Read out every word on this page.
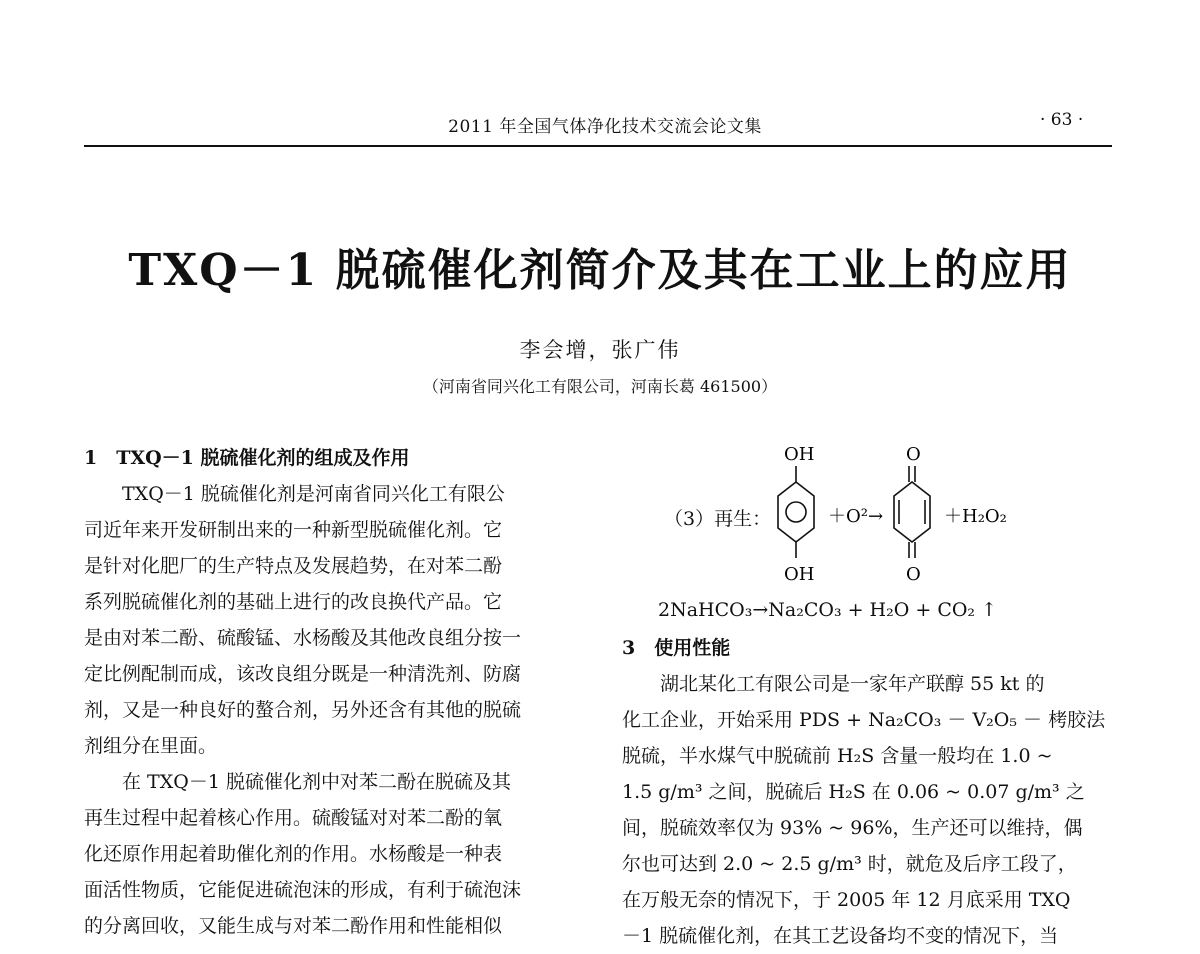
2011 年全国气体净化技术交流会论文集	· 63 ·
TXQ－1 脱硫催化剂简介及其在工业上的应用
李会增，张广伟
（河南省同兴化工有限公司，河南长葛 461500）
1　TXQ－1 脱硫催化剂的组成及作用
　　TXQ－1 脱硫催化剂是河南省同兴化工有限公
司近年来开发研制出来的一种新型脱硫催化剂。它
是针对化肥厂的生产特点及发展趋势，在对苯二酚
系列脱硫催化剂的基础上进行的改良换代产品。它
是由对苯二酚、硫酸锰、水杨酸及其他改良组分按一
定比例配制而成，该改良组分既是一种清洗剂、防腐
剂，又是一种良好的螯合剂，另外还含有其他的脱硫
剂组分在里面。
　　在 TXQ－1 脱硫催化剂中对苯二酚在脱硫及其
再生过程中起着核心作用。硫酸锰对对苯二酚的氧
化还原作用起着助催化剂的作用。水杨酸是一种表
面活性物质，它能促进硫泡沫的形成，有利于硫泡沫
的分离回收，又能生成与对苯二酚作用和性能相似
（3）再生：
OH
OH
＋O²→
O
O
＋H₂O₂
2NaHCO₃→Na₂CO₃ + H₂O + CO₂ ↑
3　使用性能
　　湖北某化工有限公司是一家年产联醇 55 kt 的
化工企业，开始采用 PDS + Na₂CO₃ － V₂O₅ － 栲胶法
脱硫，半水煤气中脱硫前 H₂S 含量一般均在 1.0 ~
1.5 g/m³ 之间，脱硫后 H₂S 在 0.06 ~ 0.07 g/m³ 之
间，脱硫效率仅为 93% ~ 96%，生产还可以维持，偶
尔也可达到 2.0 ~ 2.5 g/m³ 时，就危及后序工段了，
在万般无奈的情况下，于 2005 年 12 月底采用 TXQ
－1 脱硫催化剂，在其工艺设备均不变的情况下，当
